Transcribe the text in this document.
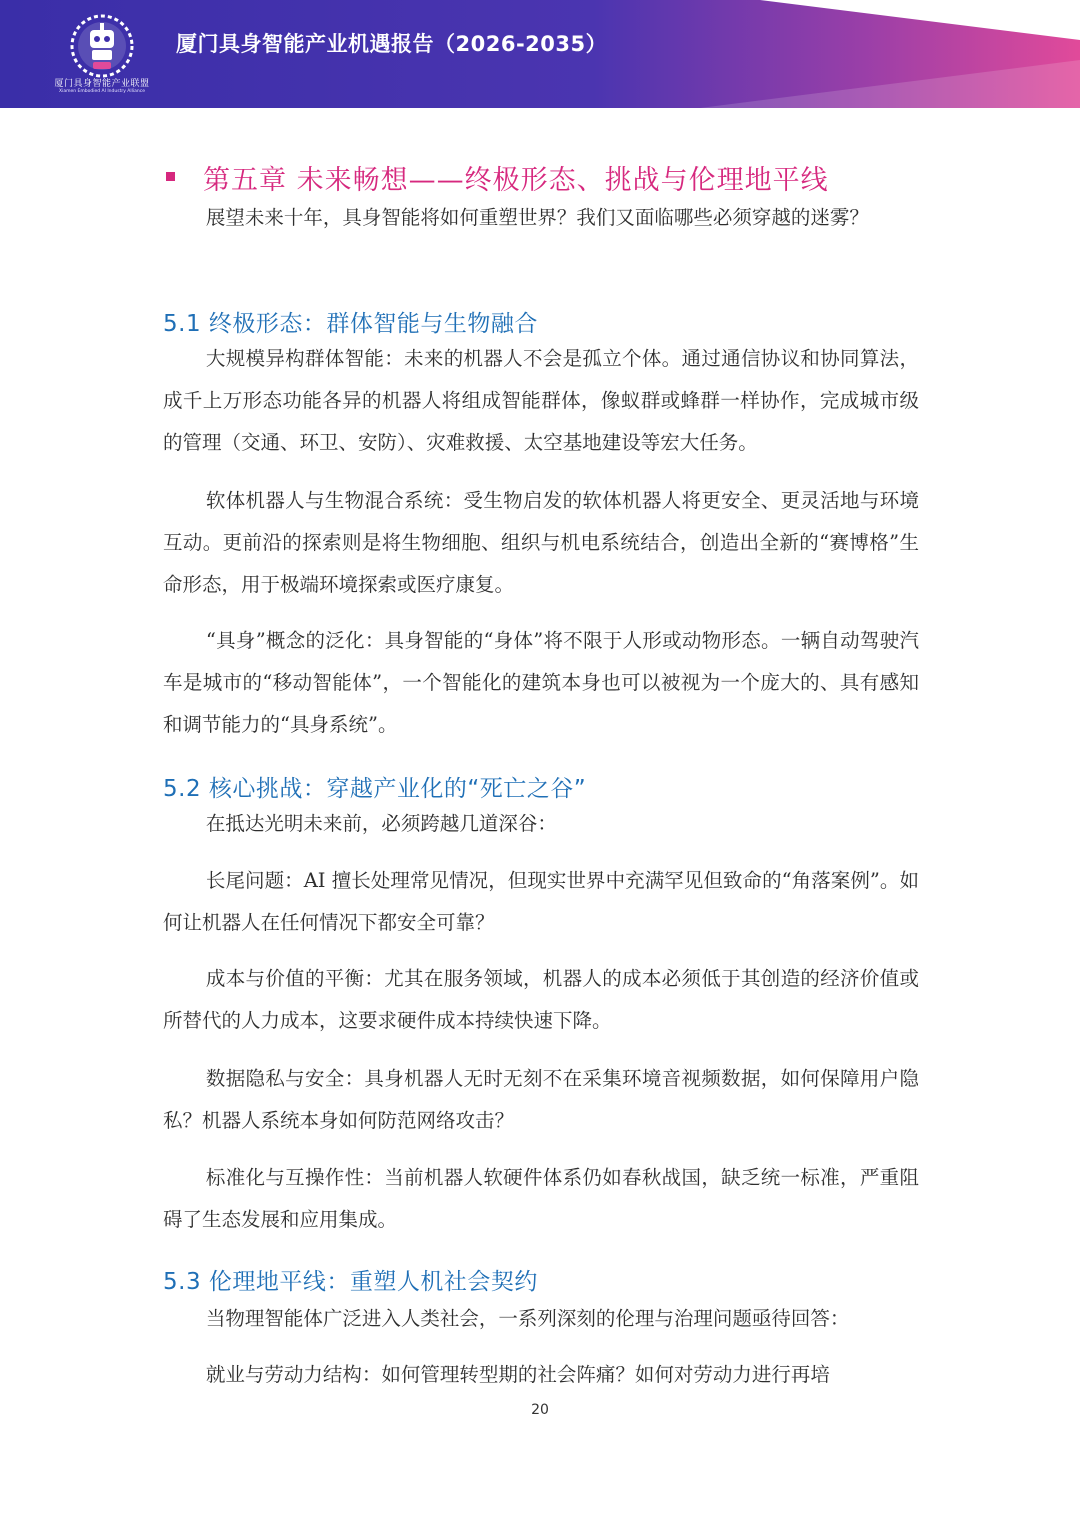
厦门具身智能产业联盟
Xiamen Embodied AI Industry Alliance
厦门具身智能产业机遇报告（2026-2035）
第五章 未来畅想——终极形态、挑战与伦理地平线

展望未来十年，具身智能将如何重塑世界？我们又面临哪些必须穿越的迷雾？

5.1 终极形态：群体智能与生物融合

大规模异构群体智能：未来的机器人不会是孤立个体。通过通信协议和协同算法，成千上万形态功能各异的机器人将组成智能群体，像蚁群或蜂群一样协作，完成城市级的管理（交通、环卫、安防）、灾难救援、太空基地建设等宏大任务。

软体机器人与生物混合系统：受生物启发的软体机器人将更安全、更灵活地与环境互动。更前沿的探索则是将生物细胞、组织与机电系统结合，创造出全新的“赛博格”生命形态，用于极端环境探索或医疗康复。

“具身”概念的泛化：具身智能的“身体”将不限于人形或动物形态。一辆自动驾驶汽车是城市的“移动智能体”，一个智能化的建筑本身也可以被视为一个庞大的、具有感知和调节能力的“具身系统”。

5.2 核心挑战：穿越产业化的“死亡之谷”

在抵达光明未来前，必须跨越几道深谷：

长尾问题：AI 擅长处理常见情况，但现实世界中充满罕见但致命的“角落案例”。如何让机器人在任何情况下都安全可靠？

成本与价值的平衡：尤其在服务领域，机器人的成本必须低于其创造的经济价值或所替代的人力成本，这要求硬件成本持续快速下降。

数据隐私与安全：具身机器人无时无刻不在采集环境音视频数据，如何保障用户隐私？机器人系统本身如何防范网络攻击？

标准化与互操作性：当前机器人软硬件体系仍如春秋战国，缺乏统一标准，严重阻碍了生态发展和应用集成。

5.3 伦理地平线：重塑人机社会契约

当物理智能体广泛进入人类社会，一系列深刻的伦理与治理问题亟待回答：

就业与劳动力结构：如何管理转型期的社会阵痛？如何对劳动力进行再培

20
